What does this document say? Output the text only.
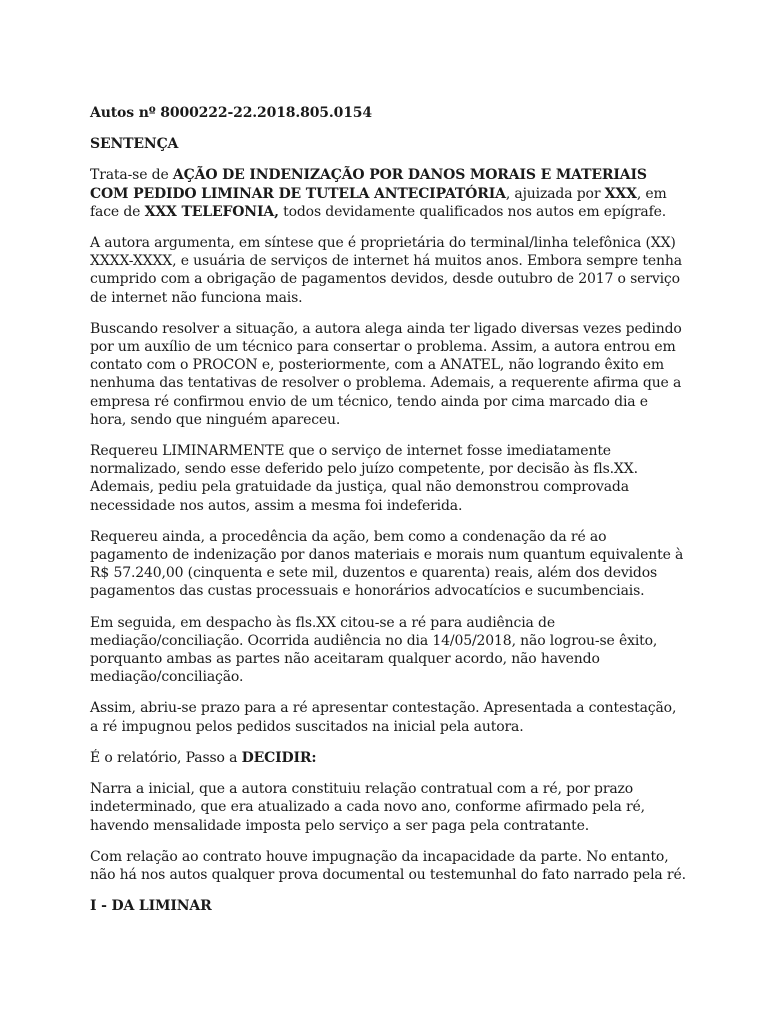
Autos nº 8000222-22.2018.805.0154

SENTENÇA

Trata-se de AÇÃO DE INDENIZAÇÃO POR DANOS MORAIS E MATERIAIS COM PEDIDO LIMINAR DE TUTELA ANTECIPATÓRIA, ajuizada por XXX, em face de XXX TELEFONIA, todos devidamente qualificados nos autos em epígrafe.

A autora argumenta, em síntese que é proprietária do terminal/linha telefônica (XX) XXXX-XXXX, e usuária de serviços de internet há muitos anos. Embora sempre tenha cumprido com a obrigação de pagamentos devidos, desde outubro de 2017 o serviço de internet não funciona mais.

Buscando resolver a situação, a autora alega ainda ter ligado diversas vezes pedindo por um auxílio de um técnico para consertar o problema. Assim, a autora entrou em contato com o PROCON e, posteriormente, com a ANATEL, não logrando êxito em nenhuma das tentativas de resolver o problema. Ademais, a requerente afirma que a empresa ré confirmou envio de um técnico, tendo ainda por cima marcado dia e hora, sendo que ninguém apareceu.

Requereu LIMINARMENTE que o serviço de internet fosse imediatamente normalizado, sendo esse deferido pelo juízo competente, por decisão às fls.XX. Ademais, pediu pela gratuidade da justiça, qual não demonstrou comprovada necessidade nos autos, assim a mesma foi indeferida.

Requereu ainda, a procedência da ação, bem como a condenação da ré ao pagamento de indenização por danos materiais e morais num quantum equivalente à R$ 57.240,00 (cinquenta e sete mil, duzentos e quarenta) reais, além dos devidos pagamentos das custas processuais e honorários advocatícios e sucumbenciais.

Em seguida, em despacho às fls.XX citou-se a ré para audiência de mediação/conciliação. Ocorrida audiência no dia 14/05/2018, não logrou-se êxito, porquanto ambas as partes não aceitaram qualquer acordo, não havendo mediação/conciliação.

Assim, abriu-se prazo para a ré apresentar contestação. Apresentada a contestação, a ré impugnou pelos pedidos suscitados na inicial pela autora.

É o relatório, Passo a DECIDIR:

Narra a inicial, que a autora constituiu relação contratual com a ré, por prazo indeterminado, que era atualizado a cada novo ano, conforme afirmado pela ré, havendo mensalidade imposta pelo serviço a ser paga pela contratante.

Com relação ao contrato houve impugnação da incapacidade da parte. No entanto, não há nos autos qualquer prova documental ou testemunhal do fato narrado pela ré.

I - DA LIMINAR
